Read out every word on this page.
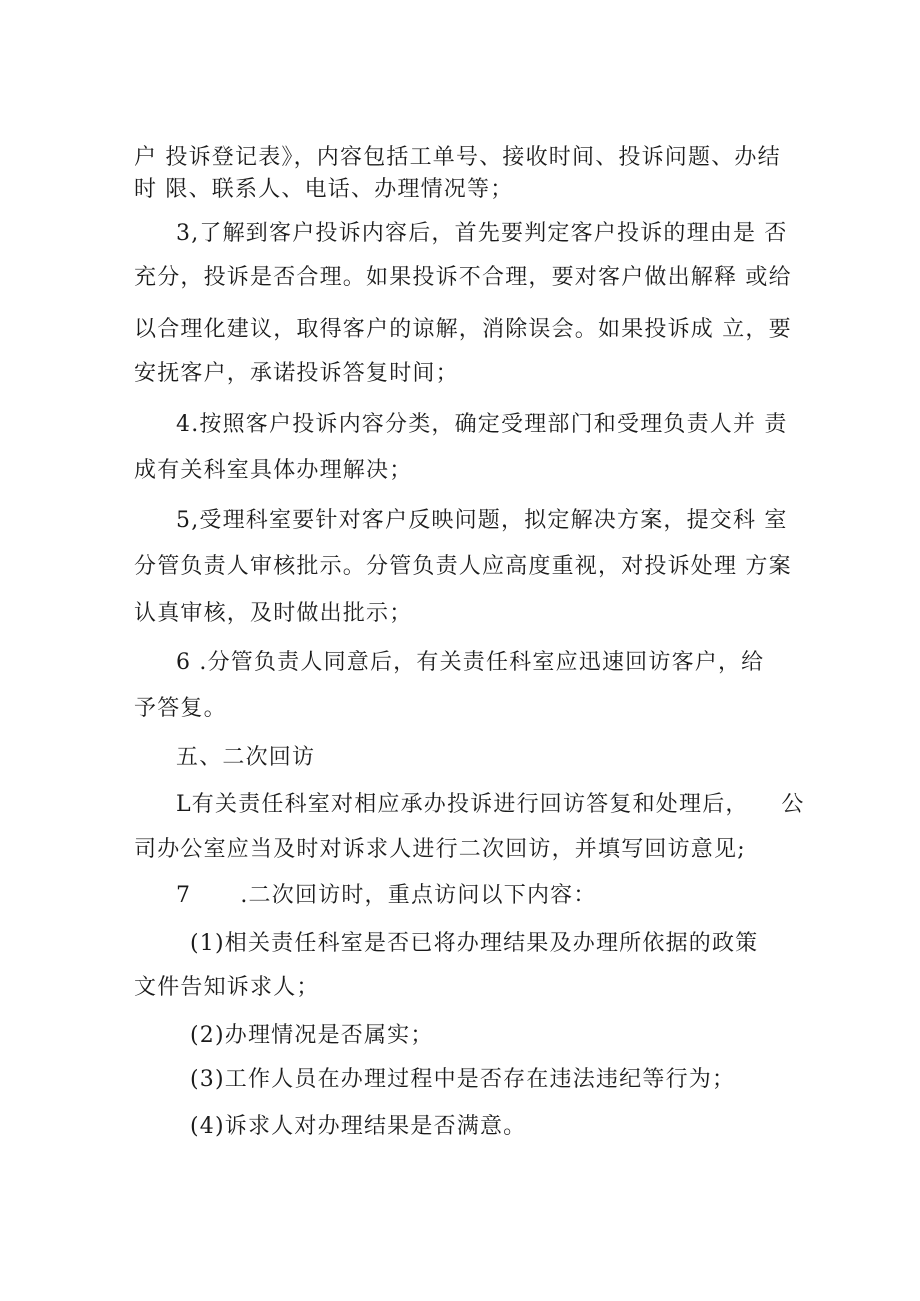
户 投诉登记表》，内容包括工单号、接收时间、投诉问题、办结
时 限、联系人、电话、办理情况等；
3,了解到客户投诉内容后，首先要判定客户投诉的理由是 否
充分，投诉是否合理。如果投诉不合理，要对客户做出解释 或给
以合理化建议，取得客户的谅解，消除误会。如果投诉成 立，要
安抚客户，承诺投诉答复时间；
4.按照客户投诉内容分类，确定受理部门和受理负责人并 责
成有关科室具体办理解决；
5,受理科室要针对客户反映问题，拟定解决方案，提交科 室
分管负责人审核批示。分管负责人应高度重视，对投诉处理 方案
认真审核，及时做出批示；
6 .分管负责人同意后，有关责任科室应迅速回访客户，给
予答复。
五、二次回访
L有关责任科室对相应承办投诉进行回访答复和处理后，    公
司办公室应当及时对诉求人进行二次回访，并填写回访意见;
7      .二次回访时，重点访问以下内容：
(1)相关责任科室是否已将办理结果及办理所依据的政策
文件告知诉求人；
(2)办理情况是否属实；
(3)工作人员在办理过程中是否存在违法违纪等行为；
(4)诉求人对办理结果是否满意。
